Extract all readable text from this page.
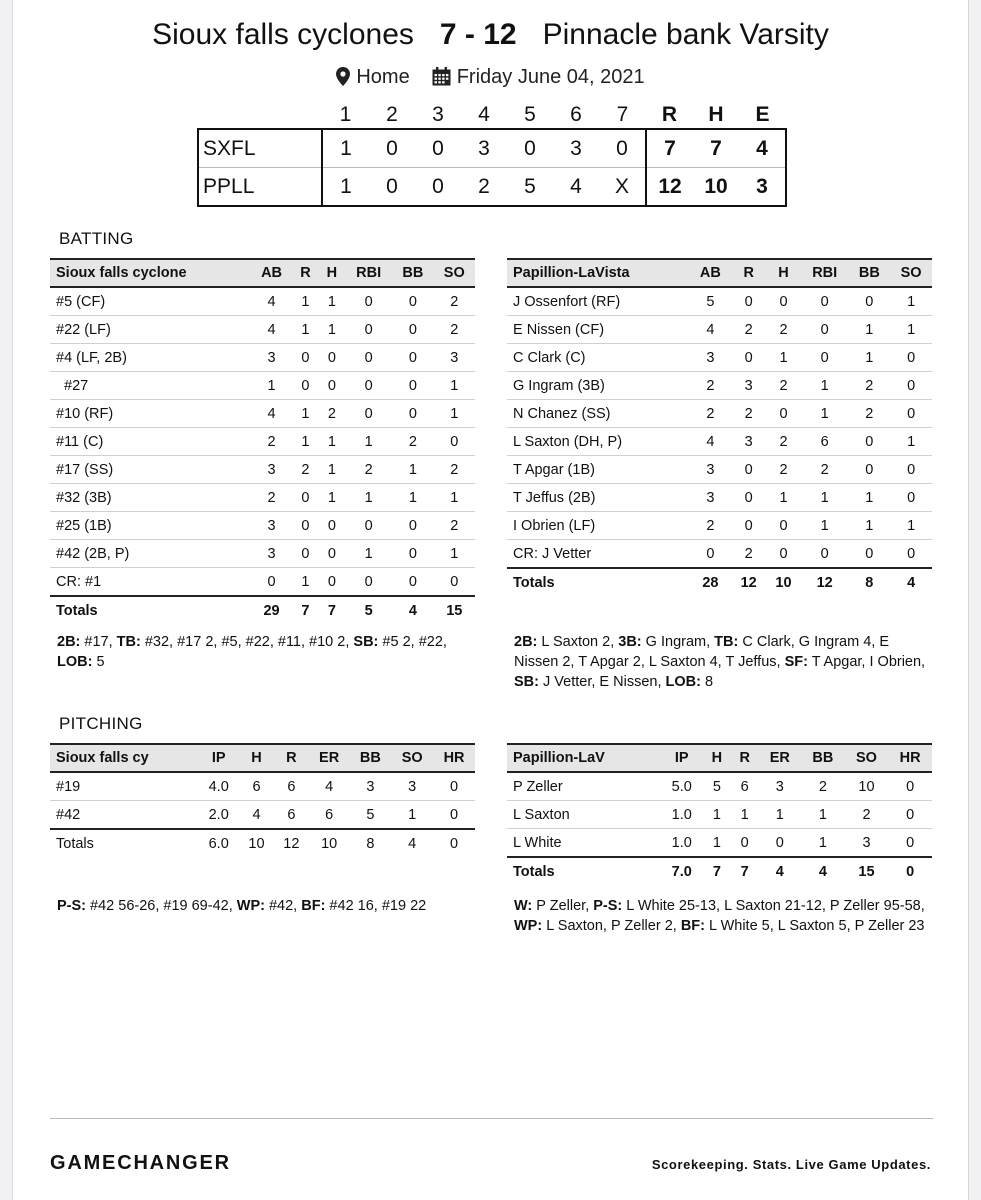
Sioux falls cyclones 7 - 12 Pinnacle bank Varsity
Home Friday June 04, 2021
	1	2	3	4	5	6	7	R	H	E
SXFL	1	0	0	3	0	3	0	7	7	4
PPLL	1	0	0	2	5	4	X	12	10	3
BATTING
Sioux falls cyclone	AB	R	H	RBI	BB	SO
#5 (CF)	4	1	1	0	0	2
#22 (LF)	4	1	1	0	0	2
#4 (LF, 2B)	3	0	0	0	0	3
#27	1	0	0	0	0	1
#10 (RF)	4	1	2	0	0	1
#11 (C)	2	1	1	1	2	0
#17 (SS)	3	2	1	2	1	2
#32 (3B)	2	0	1	1	1	1
#25 (1B)	3	0	0	0	0	2
#42 (2B, P)	3	0	0	1	0	1
CR: #1	0	1	0	0	0	0
Totals	29	7	7	5	4	15
Papillion-LaVista	AB	R	H	RBI	BB	SO
J Ossenfort (RF)	5	0	0	0	0	1
E Nissen (CF)	4	2	2	0	1	1
C Clark (C)	3	0	1	0	1	0
G Ingram (3B)	2	3	2	1	2	0
N Chanez (SS)	2	2	0	1	2	0
L Saxton (DH, P)	4	3	2	6	0	1
T Apgar (1B)	3	0	2	2	0	0
T Jeffus (2B)	3	0	1	1	1	0
I Obrien (LF)	2	0	0	1	1	1
CR: J Vetter	0	2	0	0	0	0
Totals	28	12	10	12	8	4
2B: #17, TB: #32, #17 2, #5, #22, #11, #10 2, SB: #5 2, #22, LOB: 5
2B: L Saxton 2, 3B: G Ingram, TB: C Clark, G Ingram 4, E Nissen 2, T Apgar 2, L Saxton 4, T Jeffus, SF: T Apgar, I Obrien, SB: J Vetter, E Nissen, LOB: 8
PITCHING
Sioux falls cy	IP	H	R	ER	BB	SO	HR
#19	4.0	6	6	4	3	3	0
#42	2.0	4	6	6	5	1	0
Totals	6.0	10	12	10	8	4	0
Papillion-LaV	IP	H	R	ER	BB	SO	HR
P Zeller	5.0	5	6	3	2	10	0
L Saxton	1.0	1	1	1	1	2	0
L White	1.0	1	0	0	1	3	0
Totals	7.0	7	7	4	4	15	0
P-S: #42 56-26, #19 69-42, WP: #42, BF: #42 16, #19 22	W: P Zeller, P-S: L White 25-13, L Saxton 21-12, P Zeller 95-58, WP: L Saxton, P Zeller 2, BF: L White 5, L Saxton 5, P Zeller 23
GAMECHANGER	Scorekeeping. Stats. Live Game Updates.
